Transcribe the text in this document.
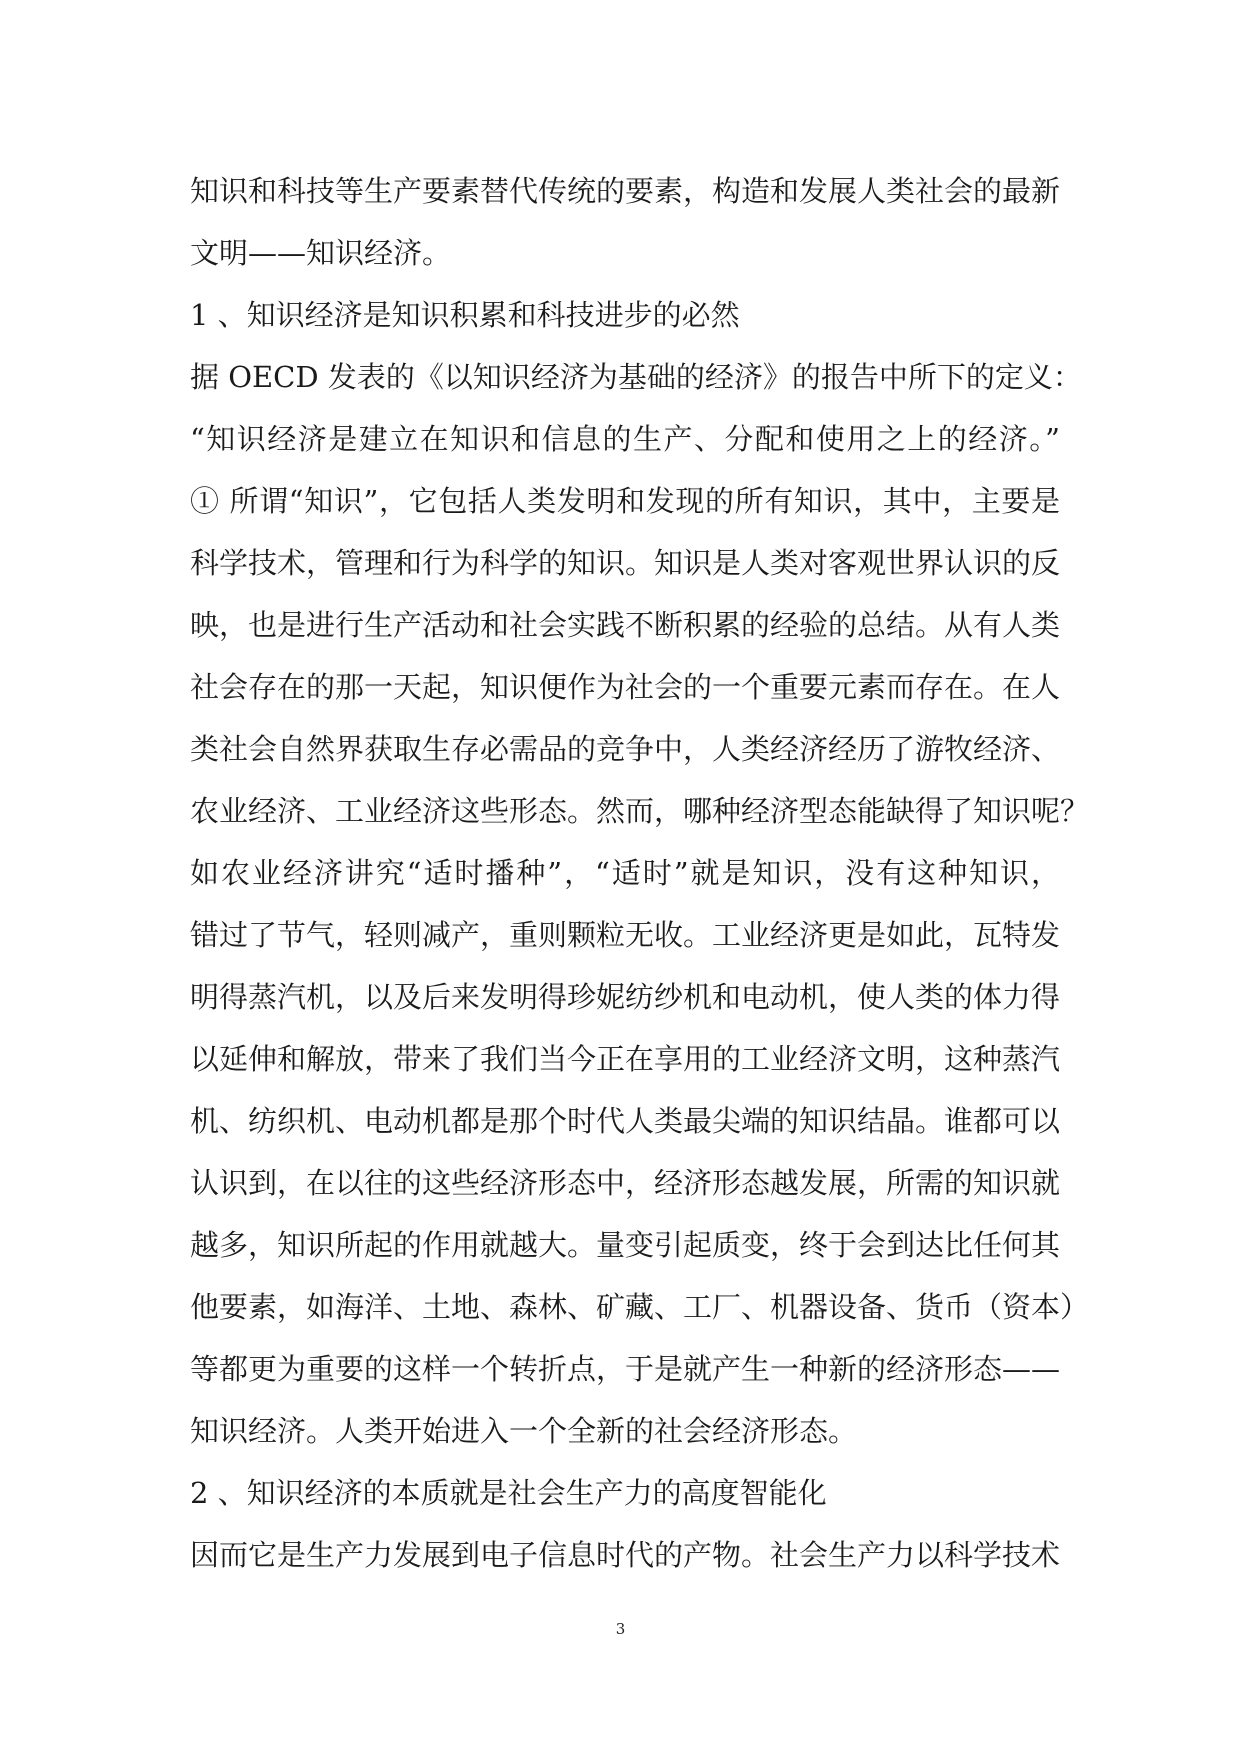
知识和科技等生产要素替代传统的要素，构造和发展人类社会的最新
文明——知识经济。
1 、知识经济是知识积累和科技进步的必然
据 OECD 发表的《以知识经济为基础的经济》的报告中所下的定义：
“知识经济是建立在知识和信息的生产、分配和使用之上的经济。”
① 所谓“知识”，它包括人类发明和发现的所有知识，其中，主要是
科学技术，管理和行为科学的知识。知识是人类对客观世界认识的反
映，也是进行生产活动和社会实践不断积累的经验的总结。从有人类
社会存在的那一天起，知识便作为社会的一个重要元素而存在。在人
类社会自然界获取生存必需品的竞争中，人类经济经历了游牧经济、
农业经济、工业经济这些形态。然而，哪种经济型态能缺得了知识呢？
如农业经济讲究“适时播种”，“适时”就是知识，没有这种知识，
错过了节气，轻则减产，重则颗粒无收。工业经济更是如此，瓦特发
明得蒸汽机，以及后来发明得珍妮纺纱机和电动机，使人类的体力得
以延伸和解放，带来了我们当今正在享用的工业经济文明，这种蒸汽
机、纺织机、电动机都是那个时代人类最尖端的知识结晶。谁都可以
认识到，在以往的这些经济形态中，经济形态越发展，所需的知识就
越多，知识所起的作用就越大。量变引起质变，终于会到达比任何其
他要素，如海洋、土地、森林、矿藏、工厂、机器设备、货币（资本）
等都更为重要的这样一个转折点，于是就产生一种新的经济形态——
知识经济。人类开始进入一个全新的社会经济形态。
2 、知识经济的本质就是社会生产力的高度智能化
因而它是生产力发展到电子信息时代的产物。社会生产力以科学技术
3
